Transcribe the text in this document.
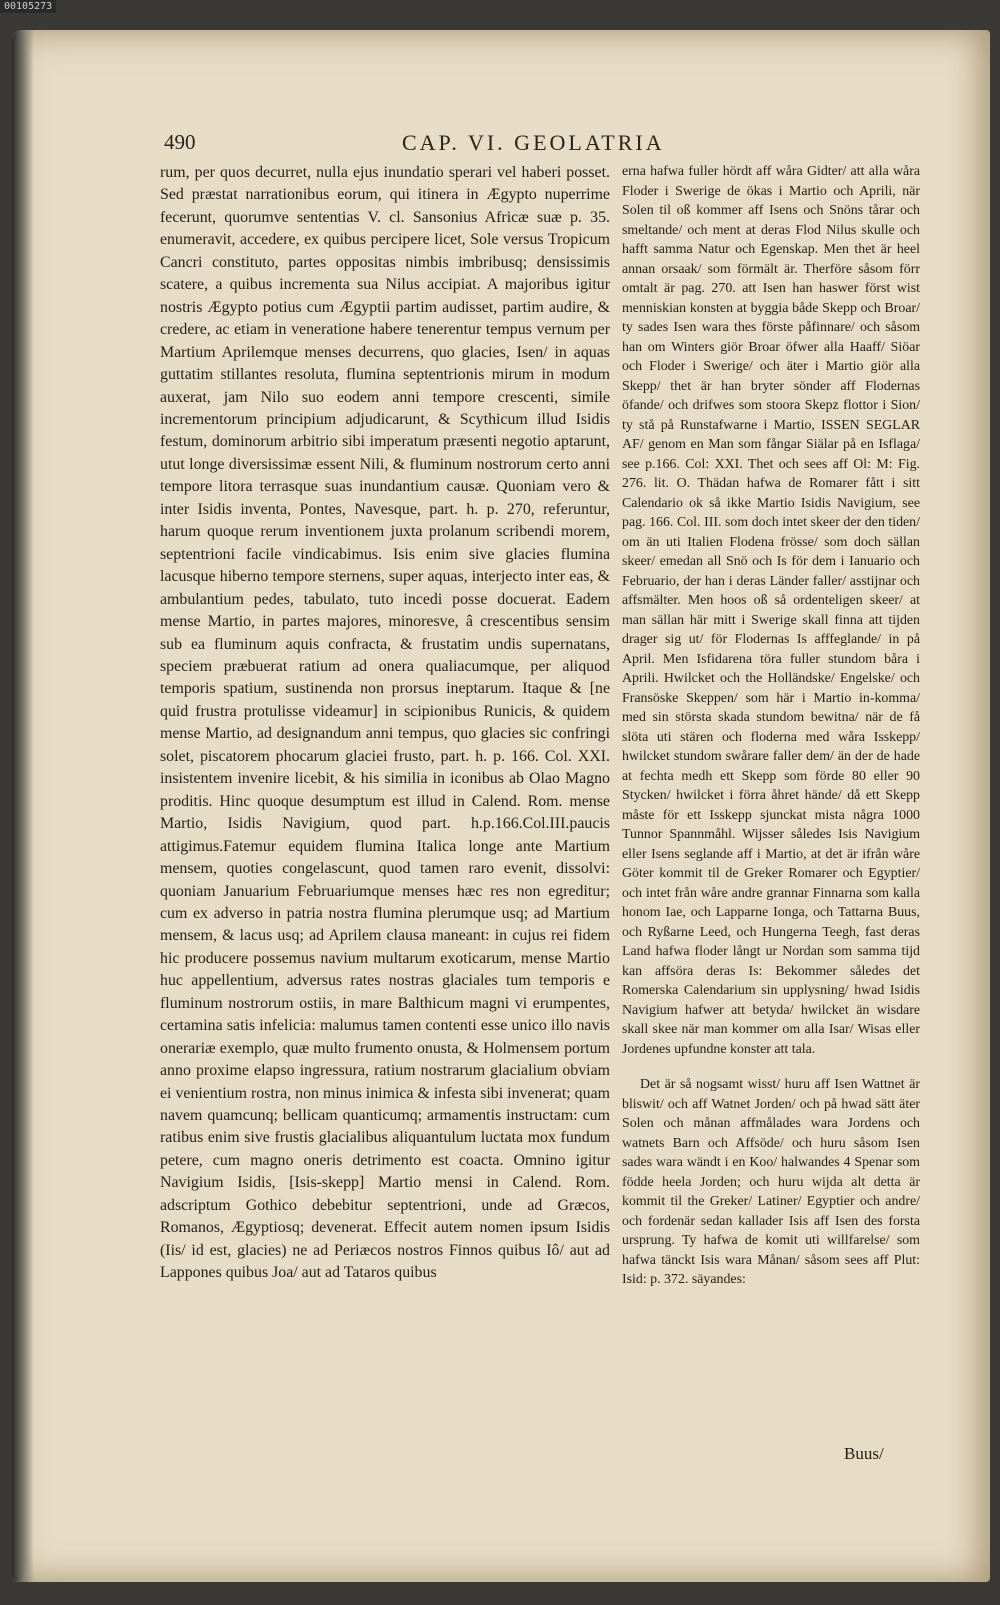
00105273
490	CAP. VI. GEOLATRIA

rum, per quos decurret, nulla ejus inundatio sperari vel haberi posset. Sed præstat narrationibus eorum, qui itinera in Ægypto nuperrime fecerunt, quorumve sententias V. cl. Sansonius Africæ suæ p. 35. enumeravit, accedere, ex quibus percipere licet, Sole versus Tropicum Cancri constituto, partes oppositas nimbis imbribusq; densissimis scatere, a quibus incrementa sua Nilus accipiat. A majoribus igitur nostris Ægypto potius cum Ægyptii partim audisset, partim audire, & credere, ac etiam in veneratione habere tenerentur tempus vernum per Martium Aprilemque menses decurrens, quo glacies, Isen/ in aquas guttatim stillantes resoluta, flumina septentrionis mirum in modum auxerat, jam Nilo suo eodem anni tempore crescenti, simile incrementorum principium adjudicarunt, & Scythicum illud Isidis festum, dominorum arbitrio sibi imperatum præsenti negotio aptarunt, utut longe diversissimæ essent Nili, & fluminum nostrorum certo anni tempore litora terrasque suas inundantium causæ. Quoniam vero & inter Isidis inventa, Pontes, Navesque, part. h. p. 270, referuntur, harum quoque rerum inventionem juxta prolanum scribendi morem, septentrioni facile vindicabimus. Isis enim sive glacies flumina lacusque hiberno tempore sternens, super aquas, interjecto inter eas, & ambulantium pedes, tabulato, tuto incedi posse docuerat. Eadem mense Martio, in partes majores, minoresve, â crescentibus sensim sub ea fluminum aquis confracta, & frustatim undis supernatans, speciem præbuerat ratium ad onera qualiacumque, per aliquod temporis spatium, sustinenda non prorsus ineptarum. Itaque & [ne quid frustra protulisse videamur] in scipionibus Runicis, & quidem mense Martio, ad designandum anni tempus, quo glacies sic confringi solet, piscatorem phocarum glaciei frusto, part. h. p. 166. Col. XXI. insistentem invenire licebit, & his similia in iconibus ab Olao Magno proditis. Hinc quoque desumptum est illud in Calend. Rom. mense Martio, Isidis Navigium, quod part. h.p.166.Col.III.paucis attigimus.Fatemur equidem flumina Italica longe ante Martium mensem, quoties congelascunt, quod tamen raro evenit, dissolvi: quoniam Januarium Februariumque menses hæc res non egreditur; cum ex adverso in patria nostra flumina plerumque usq; ad Martium mensem, & lacus usq; ad Aprilem clausa maneant: in cujus rei fidem hic producere possemus navium multarum exoticarum, mense Martio huc appellentium, adversus rates nostras glaciales tum temporis e fluminum nostrorum ostiis, in mare Balthicum magni vi erumpentes, certamina satis infelicia: malumus tamen contenti esse unico illo navis onerariæ exemplo, quæ multo frumento onusta, & Holmensem portum anno proxime elapso ingressura, ratium nostrarum glacialium obviam ei venientium rostra, non minus inimica & infesta sibi invenerat; quam navem quamcunq; bellicam quanticumq; armamentis instructam: cum ratibus enim sive frustis glacialibus aliquantulum luctata mox fundum petere, cum magno oneris detrimento est coacta. Omnino igitur Navigium Isidis, [Isis-skepp] Martio mensi in Calend. Rom. adscriptum Gothico debebitur septentrioni, unde ad Græcos, Romanos, Ægyptiosq; devenerat. Effecit autem nomen ipsum Isidis (Iis/ id est, glacies) ne ad Periæcos nostros Finnos quibus Iô/ aut ad Lappones quibus Joa/ aut ad Tataros quibus

erna hafwa fuller hördt aff wåra Gidter/ att alla wåra Floder i Swerige de ökas i Martio och Aprili, när Solen til oß kommer aff Isens och Snöns tårar och smeltande/ och ment at deras Flod Nilus skulle och hafft samma Natur och Egenskap. Men thet är heel annan orsaak/ som förmält är. Therföre såsom förr omtalt är pag. 270. att Isen han haswer först wist menniskian konsten at byggia både Skepp och Broar/ ty sades Isen wara thes förste påfinnare/ och såsom han om Winters giör Broar öfwer alla Haaff/ Siöar och Floder i Swerige/ och äter i Martio giör alla Skepp/ thet är han bryter sönder aff Flodernas öfande/ och drifwes som stoora Skepz flottor i Sion/ ty stå på Runstafwarne i Martio, ISSEN SEGLAR AF/ genom en Man som fångar Siälar på en Isflaga/ see p.166. Col: XXI. Thet och sees aff Ol: M: Fig. 276. lit. O. Thädan hafwa de Romarer fått i sitt Calendario ok så ikke Martio Isidis Navigium, see pag. 166. Col. III. som doch intet skeer der den tiden/ om än uti Italien Flodena frösse/ som doch sällan skeer/ emedan all Snö och Is för dem i Ianuario och Februario, der han i deras Länder faller/ asstijnar och affsmälter. Men hoos oß så ordenteligen skeer/ at man sällan här mitt i Swerige skall finna att tijden drager sig ut/ för Flodernas Is afffeglande/ in på April. Men Isfidarena töra fuller stundom båra i Aprili. Hwilcket och the Holländske/ Engelske/ och Fransöske Skeppen/ som här i Martio in-komma/ med sin största skada stundom bewitna/ när de få slöta uti stären och floderna med wåra Isskepp/ hwilcket stundom swårare faller dem/ än der de hade at fechta medh ett Skepp som förde 80 eller 90 Stycken/ hwilcket i förra åhret hände/ då ett Skepp måste för ett Isskepp sjunckat mista några 1000 Tunnor Spannmåhl. Wijsser således Isis Navigium eller Isens seglande aff i Martio, at det är ifrån wåre Göter kommit til de Greker Romarer och Egyptier/ och intet från wåre andre grannar Finnarna som kalla honom Iae, och Lapparne Ionga, och Tattarna Buus, och Ryßarne Leed, och Hungerna Teegh, fast deras Land hafwa floder långt ur Nordan som samma tijd kan affsöra deras Is: Bekommer således det Romerska Calendarium sin upplysning/ hwad Isidis Navigium hafwer att betyda/ hwilcket än wisdare skall skee när man kommer om alla Isar/ Wisas eller Jordenes upfundne konster att tala.

Det är så nogsamt wisst/ huru aff Isen Wattnet är bliswit/ och aff Watnet Jorden/ och på hwad sätt äter Solen och månan affmålades wara Jordens och watnets Barn och Affsöde/ och huru såsom Isen sades wara wändt i en Koo/ halwandes 4 Spenar som födde heela Jorden; och huru wijda alt detta är kommit til the Greker/ Latiner/ Egyptier och andre/ och fordenär sedan kallader Isis aff Isen des forsta ursprung. Ty hafwa de komit uti willfarelse/ som hafwa tänckt Isis wara Månan/ såsom sees aff Plut: Isid: p. 372. säyandes:

Buus/
